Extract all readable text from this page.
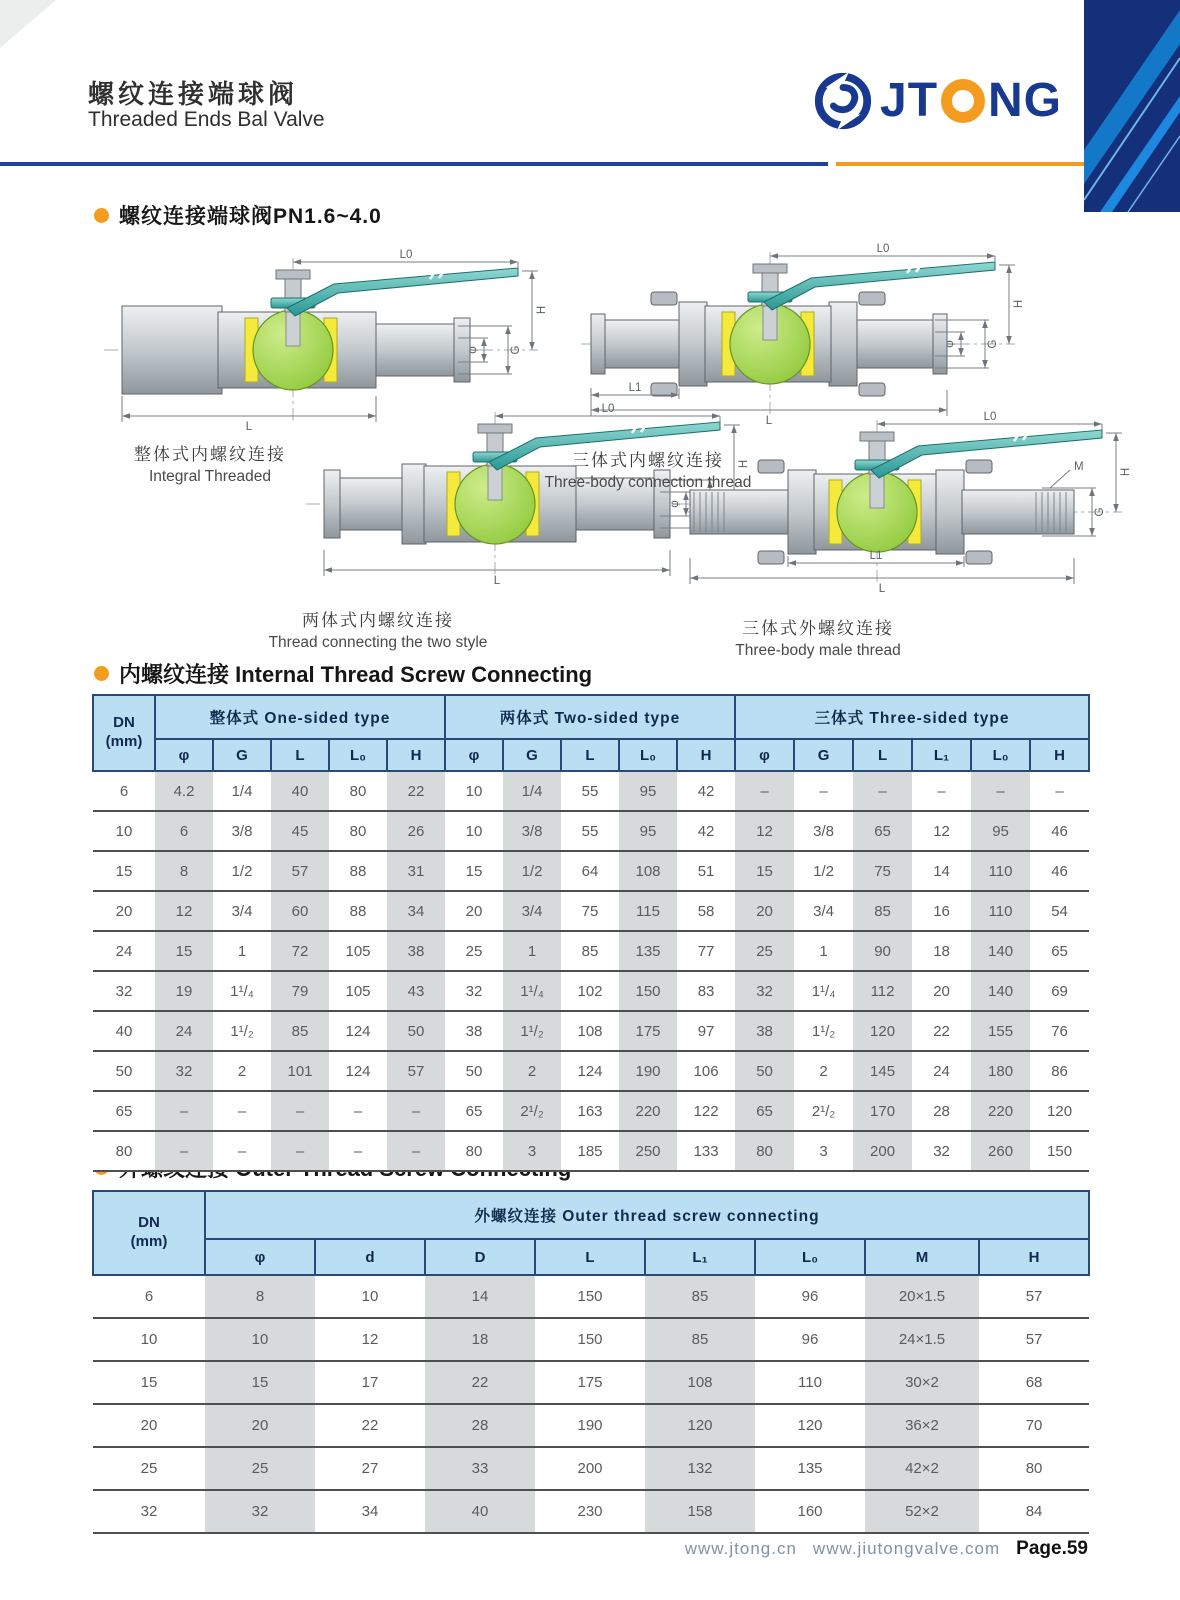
螺纹连接端球阀
Threaded Ends Bal Valve	JT NG
螺纹连接端球阀PN1.6~4.0
内螺纹连接 Internal Thread Screw Connecting
L0
H
φ	G
L
L0
H
φ	G
L
L1
L0
H
φ
L
L0
H
G
L
L1
M
整体式内螺纹连接
Integral Threaded
三体式内螺纹连接
Three-body connection thread
两体式内螺纹连接
Thread connecting the two style
三体式外螺纹连接
Three-body male thread
DN
(mm)	整体式 One-sided type					两体式 Two-sided type					三体式 Three-sided type					
	φ	G	L	L₀	H	φ	G	L	L₀	H	φ	G	L	L₁	L₀	H
6	4.2	1/4	40	80	22	10	1/4	55	95	42	–	–	–	–	–	–
10	6	3/8	45	80	26	10	3/8	55	95	42	12	3/8	65	12	95	46
15	8	1/2	57	88	31	15	1/2	64	108	51	15	1/2	75	14	110	46
20	12	3/4	60	88	34	20	3/4	75	115	58	20	3/4	85	16	110	54
24	15	1	72	105	38	25	1	85	135	77	25	1	90	18	140	65
32	19	1¹/₄	79	105	43	32	1¹/₄	102	150	83	32	1¹/₄	112	20	140	69
40	24	1¹/₂	85	124	50	38	1¹/₂	108	175	97	38	1¹/₂	120	22	155	76
50	32	2	101	124	57	50	2	124	190	106	50	2	145	24	180	86
65	–	–	–	–	–	65	2¹/₂	163	220	122	65	2¹/₂	170	28	220	120
80	–	–	–	–	–	80	3	185	250	133	80	3	200	32	260	150
DN
(mm)	外螺纹连接 Outer thread screw connecting							
	φ	d	D	L	L₁	L₀	M	H
6	8	10	14	150	85	96	20×1.5	57
10	10	12	18	150	85	96	24×1.5	57
15	15	17	22	175	108	110	30×2	68
20	20	22	28	190	120	120	36×2	70
25	25	27	33	200	132	135	42×2	80
32	32	34	40	230	158	160	52×2	84
www.jtong.cn www.jiutongvalve.com Page.59
